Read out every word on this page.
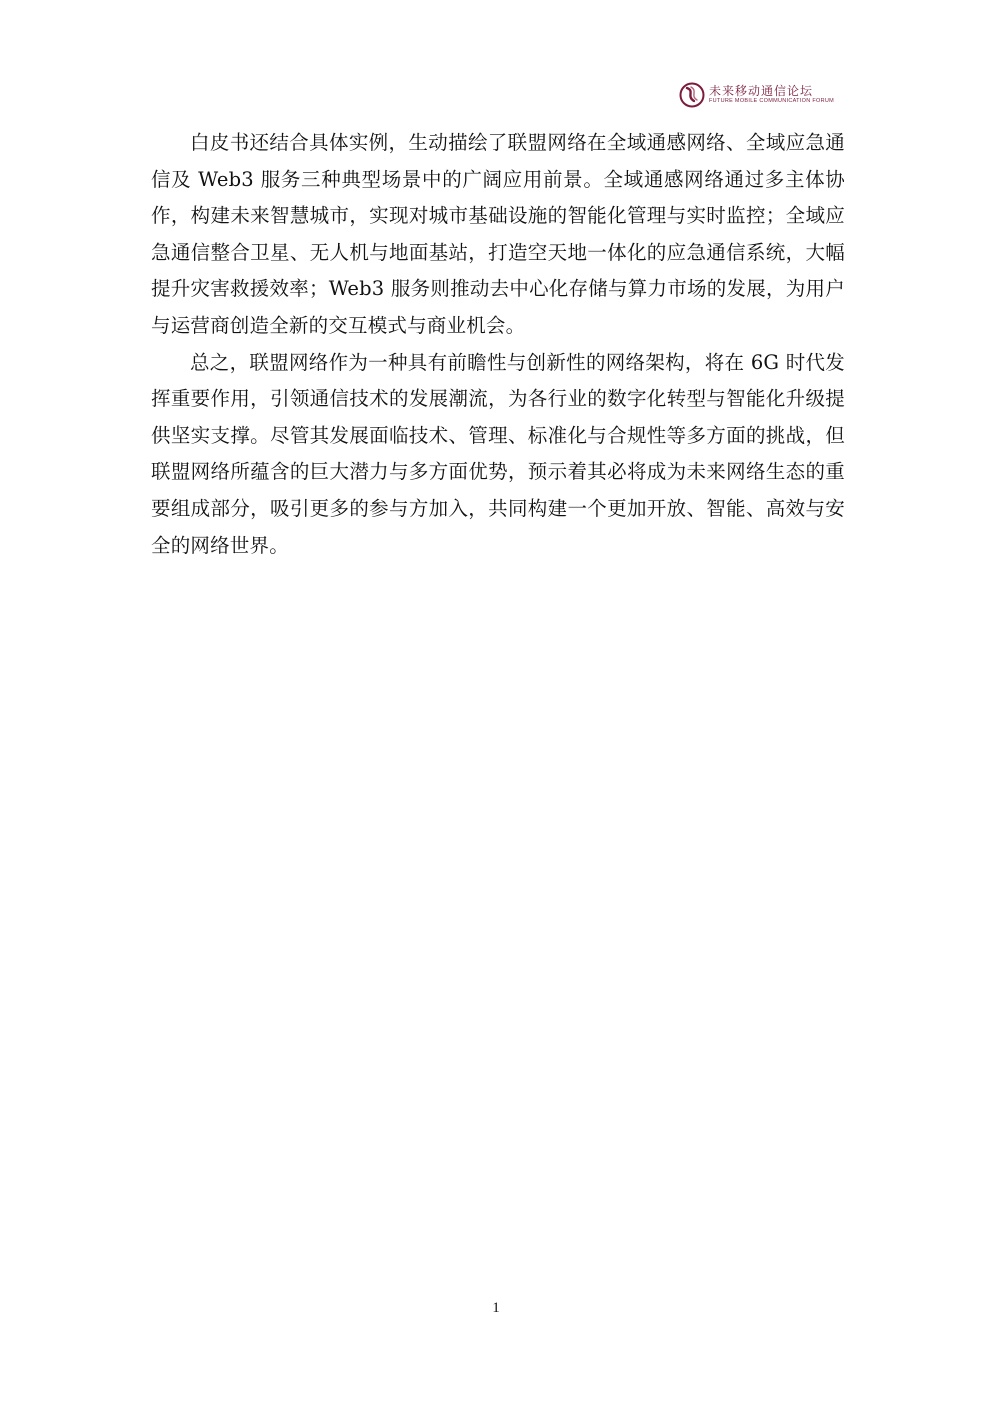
未来移动通信论坛
FUTURE MOBILE COMMUNICATION FORUM

白皮书还结合具体实例，生动描绘了联盟网络在全域通感网络、全域应急通信及 Web3 服务三种典型场景中的广阔应用前景。全域通感网络通过多主体协作，构建未来智慧城市，实现对城市基础设施的智能化管理与实时监控；全域应急通信整合卫星、无人机与地面基站，打造空天地一体化的应急通信系统，大幅提升灾害救援效率；Web3 服务则推动去中心化存储与算力市场的发展，为用户与运营商创造全新的交互模式与商业机会。

总之，联盟网络作为一种具有前瞻性与创新性的网络架构，将在 6G 时代发挥重要作用，引领通信技术的发展潮流，为各行业的数字化转型与智能化升级提供坚实支撑。尽管其发展面临技术、管理、标准化与合规性等多方面的挑战，但联盟网络所蕴含的巨大潜力与多方面优势，预示着其必将成为未来网络生态的重要组成部分，吸引更多的参与方加入，共同构建一个更加开放、智能、高效与安全的网络世界。

1
